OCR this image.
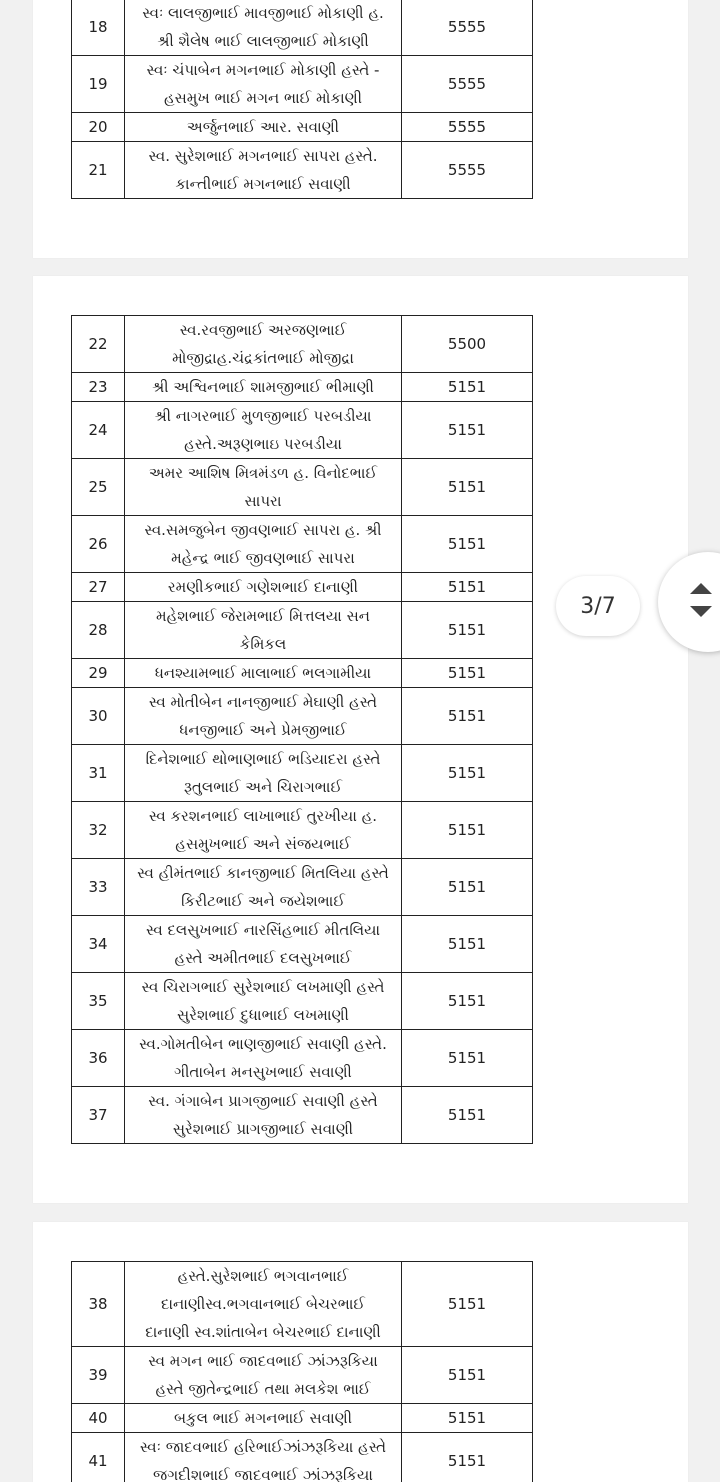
18	સ્વઃ લાલજીભાઈ માવજીભાઈ મોકાણી હ.
શ્રી શૈલેષ ભાઈ લાલજીભાઈ મોકાણી	5555
19	સ્વઃ ચંપાબેન મગનભાઈ મોકાણી હસ્તે -
હસમુખ ભાઈ મગન ભાઈ મોકાણી	5555
20	અર્જુનભાઈ આર. સવાણી	5555
21	સ્વ. સુરેશભાઈ મગનભાઈ સાપરા હસ્તે.
કાન્તીભાઈ મગનભાઈ સવાણી	5555
22	સ્વ.રવજીભાઈ અરજણભાઈ
મોજીદ્રાહ.ચંદ્રકાંતભાઈ મોજીદ્રા	5500
23	શ્રી અશ્વિનભાઈ શામજીભાઈ ભીમાણી	5151
24	શ્રી નાગરભાઈ મુળજીભાઈ પરબડીયા
હસ્તે.અરૂણભાઇ પરબડીયા	5151
25	અમર આશિષ મિત્રમંડળ હ. વિનોદભાઈ
સાપરા	5151
26	સ્વ.સમજુબેન જીવણભાઈ સાપરા હ. શ્રી
મહેન્દ્ર ભાઈ જીવણભાઈ સાપરા	5151
27	રમણીકભાઈ ગણેશભાઈ દાનાણી	5151
28	મહેશભાઈ જેરામભાઈ મિત્તલયા સન
કેમિકલ	5151
29	ધનશ્યામભાઈ માલાભાઈ ભલગામીયા	5151
30	સ્વ મોતીબેન નાનજીભાઈ મેઘાણી હસ્તે
ધનજીભાઈ અને પ્રેમજીભાઈ	5151
31	દિનેશભાઈ થોભાણભાઈ ભડિયાદરા હસ્તે
રૂતુલભાઈ અને ચિરાગભાઈ	5151
32	સ્વ કરશનભાઈ લાખાભાઈ તુરખીયા હ.
હસમુખભાઈ અને સંજયભાઈ	5151
33	સ્વ હીમંતભાઈ કાનજીભાઈ મિતલિયા હસ્તે
કિરીટભાઈ અને જયેશભાઈ	5151
34	સ્વ દલસુખભાઈ નારસિંહભાઈ મીતલિયા
હસ્તે અમીતભાઈ દલસુખભાઈ	5151
35	સ્વ ચિરાગભાઈ સુરેશભાઈ લખમાણી હસ્તે
સુરેશભાઈ દુધાભાઈ લખમાણી	5151
36	સ્વ.ગોમતીબેન ભાણજીભાઈ સવાણી હસ્તે.
ગીતાબેન મનસુખભાઈ સવાણી	5151
37	સ્વ. ગંગાબેન પ્રાગજીભાઈ સવાણી હસ્તે
સુરેશભાઈ પ્રાગજીભાઈ સવાણી	5151
38	હસ્તે.સુરેશભાઈ ભગવાનભાઈ
દાનાણીસ્વ.ભગવાનભાઈ બેચરભાઈ
દાનાણી સ્વ.શાંતાબેન બેચરભાઈ દાનાણી	5151
39	સ્વ મગન ભાઈ જાદવભાઈ ઝાંઝરૂકિયા
હસ્તે જીતેન્દ્રભાઈ તથા મલકેશ ભાઈ	5151
40	બકુલ ભાઈ મગનભાઈ સવાણી	5151
41	સ્વઃ જાદવભાઈ હરિભાઈઝાંઝરૂકિયા હસ્તે
જગદીશભાઈ જાદવભાઈ ઝાંઝરૂકિયા	5151
3/7
